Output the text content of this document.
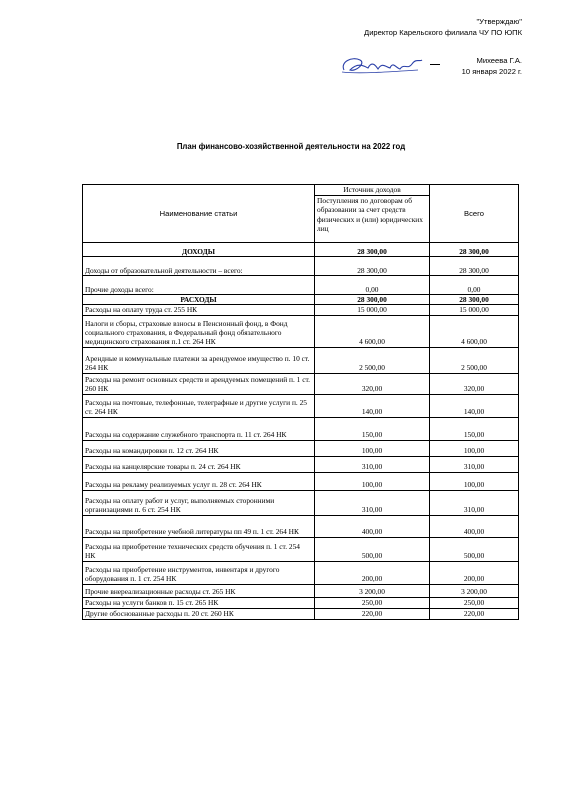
"Утверждаю"
Директор Карельского филиала ЧУ ПО ЮПК
Михеева Г.А.
10 января 2022 г.
План финансово-хозяйственной деятельности на 2022 год
Наименование статьи	Источник доходов	Всего
	Поступления по договорам об образовании за счет средств физических и (или) юридических лиц	
ДОХОДЫ	28 300,00	28 300,00
Доходы от образовательной деятельности – всего:	28 300,00	28 300,00
Прочие доходы всего:	0,00	0,00
РАСХОДЫ	28 300,00	28 300,00
Расходы на оплату труда ст. 255 НК	15 000,00	15 000,00
Налоги и сборы, страховые взносы в Пенсионный фонд, в Фонд социального страхования, в Федеральный фонд обязательного медицинского страхования п.1 ст. 264 НК	4 600,00	4 600,00
Арендные и коммунальные платежи за арендуемое имущество п. 10 ст. 264 НК	2 500,00	2 500,00
Расходы на ремонт основных средств и арендуемых помещений п. 1 ст. 260 НК	320,00	320,00
Расходы на почтовые, телефонные, телеграфные и другие услуги п. 25 ст. 264 НК	140,00	140,00
Расходы на содержание служебного транспорта п. 11 ст. 264 НК	150,00	150,00
Расходы на командировки п. 12 ст. 264 НК	100,00	100,00
Расходы на канцелярские товары п. 24 ст. 264 НК	310,00	310,00
Расходы на рекламу реализуемых услуг п. 28 ст. 264 НК	100,00	100,00
Расходы на оплату работ и услуг, выполняемых сторонними организациями п. 6 ст. 254 НК	310,00	310,00
Расходы на приобретение учебной литературы пп 49 п. 1 ст. 264 НК	400,00	400,00
Расходы на приобретение технических средств обучения п. 1 ст. 254 НК	500,00	500,00
Расходы на приобретение инструментов, инвентаря и другого оборудования п. 1 ст. 254 НК	200,00	200,00
Прочие внереализационные расходы ст. 265 НК	3 200,00	3 200,00
Расходы на услуги банков п. 15 ст. 265 НК	250,00	250,00
Другие обоснованные расходы п. 20 ст. 260 НК	220,00	220,00
